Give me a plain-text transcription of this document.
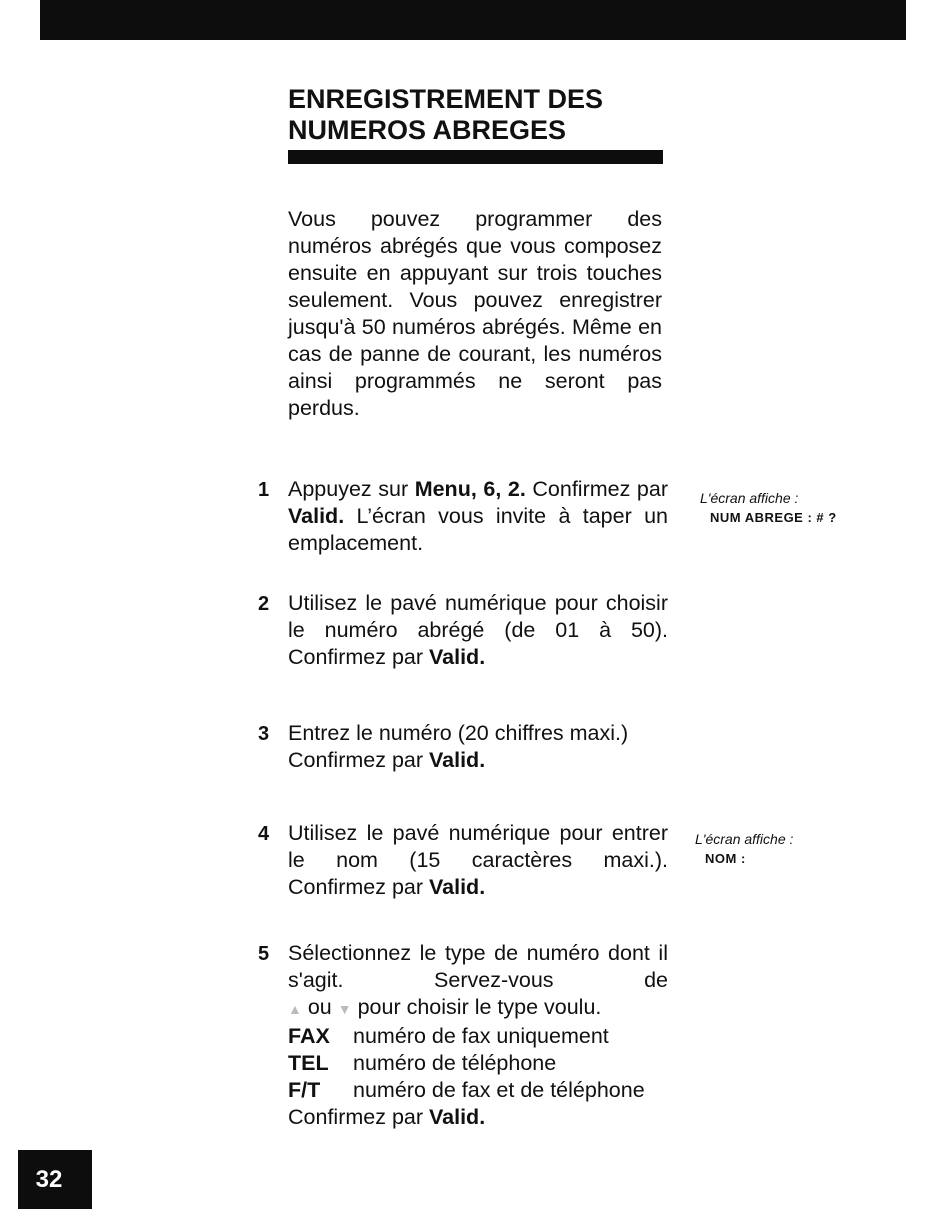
ENREGISTREMENT DES
NUMEROS ABREGES
Vous pouvez programmer des numéros abrégés que vous composez ensuite en appuyant sur trois touches seulement. Vous pouvez enregistrer jusqu'à 50 numéros abrégés. Même en cas de panne de courant, les numéros ainsi programmés ne seront pas perdus.
1 Appuyez sur Menu, 6, 2. Confirmez par Valid. L’écran vous invite à taper un emplacement.
2 Utilisez le pavé numérique pour choisir le numéro abrégé (de 01 à 50). Confirmez par Valid.
3 Entrez le numéro (20 chiffres maxi.) Confirmez par Valid.
4 Utilisez le pavé numérique pour entrer le nom (15 caractères maxi.). Confirmez par Valid.
5 Sélectionnez le type de numéro dont il s'agit. Servez-vous de
▲ ou ▼ pour choisir le type voulu.
FAX	numéro de fax uniquement
TEL	numéro de téléphone
F/T	numéro de fax et de téléphone
Confirmez par Valid.
L'écran affiche :
NUM ABREGE : # ?
L'écran affiche :
NOM :
32
